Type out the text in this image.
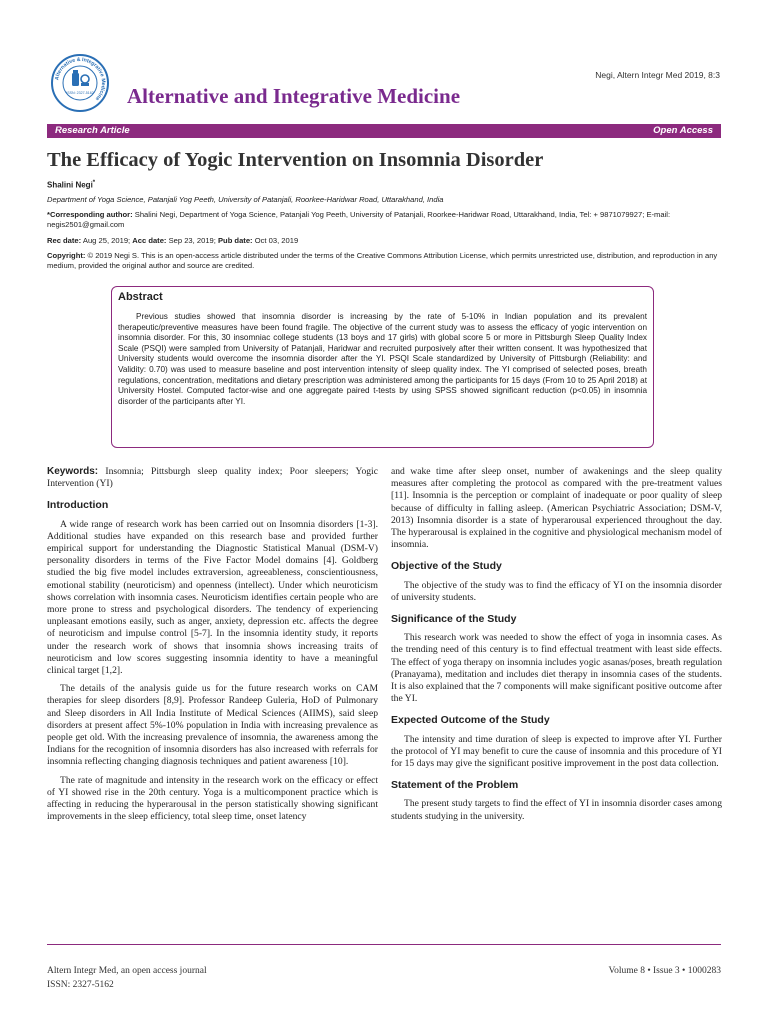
Alternative & Integrative Medicine
ISSN: 2327-5162 Alternative and Integrative Medicine
Negi, Altern Integr Med 2019, 8:3
Research Article	Open Access
The Efficacy of Yogic Intervention on Insomnia Disorder

Shalini Negi*

Department of Yoga Science, Patanjali Yog Peeth, University of Patanjali, Roorkee-Haridwar Road, Uttarakhand, India

*Corresponding author: Shalini Negi, Department of Yoga Science, Patanjali Yog Peeth, University of Patanjali, Roorkee-Haridwar Road, Uttarakhand, India, Tel: + 9871079927; E-mail: negis2501@gmail.com

Rec date: Aug 25, 2019; Acc date: Sep 23, 2019; Pub date: Oct 03, 2019

Copyright: © 2019 Negi S. This is an open-access article distributed under the terms of the Creative Commons Attribution License, which permits unrestricted use, distribution, and reproduction in any medium, provided the original author and source are credited.

Abstract

Previous studies showed that insomnia disorder is increasing by the rate of 5-10% in Indian population and its prevalent therapeutic/preventive measures have been found fragile. The objective of the current study was to assess the efficacy of yogic intervention on insomnia disorder. For this, 30 insomniac college students (13 boys and 17 girls) with global score 5 or more in Pittsburgh Sleep Quality Index Scale (PSQI) were sampled from University of Patanjali, Haridwar and recruited purposively after their written consent. It was hypothesized that University students would overcome the insomnia disorder after the YI. PSQI Scale standardized by University of Pittsburgh (Reliability: and Validity: 0.70) was used to measure baseline and post intervention intensity of sleep quality index. The YI comprised of selected poses, breath regulations, concentration, meditations and dietary prescription was administered among the participants for 15 days (From 10 to 25 April 2018) at University Hostel. Computed factor-wise and one aggregate paired t-tests by using SPSS showed significant reduction (p<0.05) in insomnia disorder of the participants after YI.

Keywords: Insomnia; Pittsburgh sleep quality index; Poor sleepers; Yogic Intervention (YI)

Introduction

A wide range of research work has been carried out on Insomnia disorders [1-3]. Additional studies have expanded on this research base and provided further empirical support for understanding the Diagnostic Statistical Manual (DSM-V) personality disorders in terms of the Five Factor Model domains [4]. Goldberg studied the big five model includes extraversion, agreeableness, conscientiousness, emotional stability (neuroticism) and openness (intellect). Under which neuroticism shows correlation with insomnia cases. Neuroticism identifies certain people who are more prone to stress and psychological disorders. The tendency of experiencing unpleasant emotions easily, such as anger, anxiety, depression etc. affects the degree of neuroticism and impulse control [5-7]. In the insomnia identity study, it reports under the research work of shows that insomnia shows increasing traits of neuroticism and low scores suggesting insomnia identity to have a meaningful clinical target [1,2].

The details of the analysis guide us for the future research works on CAM therapies for sleep disorders [8,9]. Professor Randeep Guleria, HoD of Pulmonary and Sleep disorders in All India Institute of Medical Sciences (AIIMS), said sleep disorders at present affect 5%-10% population in India with increasing prevalence as people get old. With the increasing prevalence of insomnia, the awareness among the Indians for the recognition of insomnia disorders has also increased with referrals for insomnia reflecting changing diagnosis techniques and patient awareness [10].

The rate of magnitude and intensity in the research work on the efficacy or effect of YI showed rise in the 20th century. Yoga is a multicomponent practice which is affecting in reducing the hyperarousal in the person statistically showing significant improvements in the sleep efficiency, total sleep time, onset latency

and wake time after sleep onset, number of awakenings and the sleep quality measures after completing the protocol as compared with the pre-treatment values [11]. Insomnia is the perception or complaint of inadequate or poor quality of sleep because of difficulty in falling asleep. (American Psychiatric Association; DSM-V, 2013) Insomnia disorder is a state of hyperarousal experienced throughout the day. The hyperarousal is explained in the cognitive and physiological mechanism model of insomnia.

Objective of the Study

The objective of the study was to find the efficacy of YI on the insomnia disorder of university students.

Significance of the Study

This research work was needed to show the effect of yoga in insomnia cases. As the trending need of this century is to find effectual treatment with least side effects. The effect of yoga therapy on insomnia includes yogic asanas/poses, breath regulation (Pranayama), meditation and includes diet therapy in insomnia cases of the students. It is also explained that the 7 components will make significant positive outcome after the YI.

Expected Outcome of the Study

The intensity and time duration of sleep is expected to improve after YI. Further the protocol of YI may benefit to cure the cause of insomnia and this procedure of YI for 15 days may give the significant positive improvement in the post data collection.

Statement of the Problem

The present study targets to find the effect of YI in insomnia disorder cases among students studying in the university.

Altern Integr Med, an open access journal

ISSN: 2327-5162

Volume 8 • Issue 3 • 1000283
